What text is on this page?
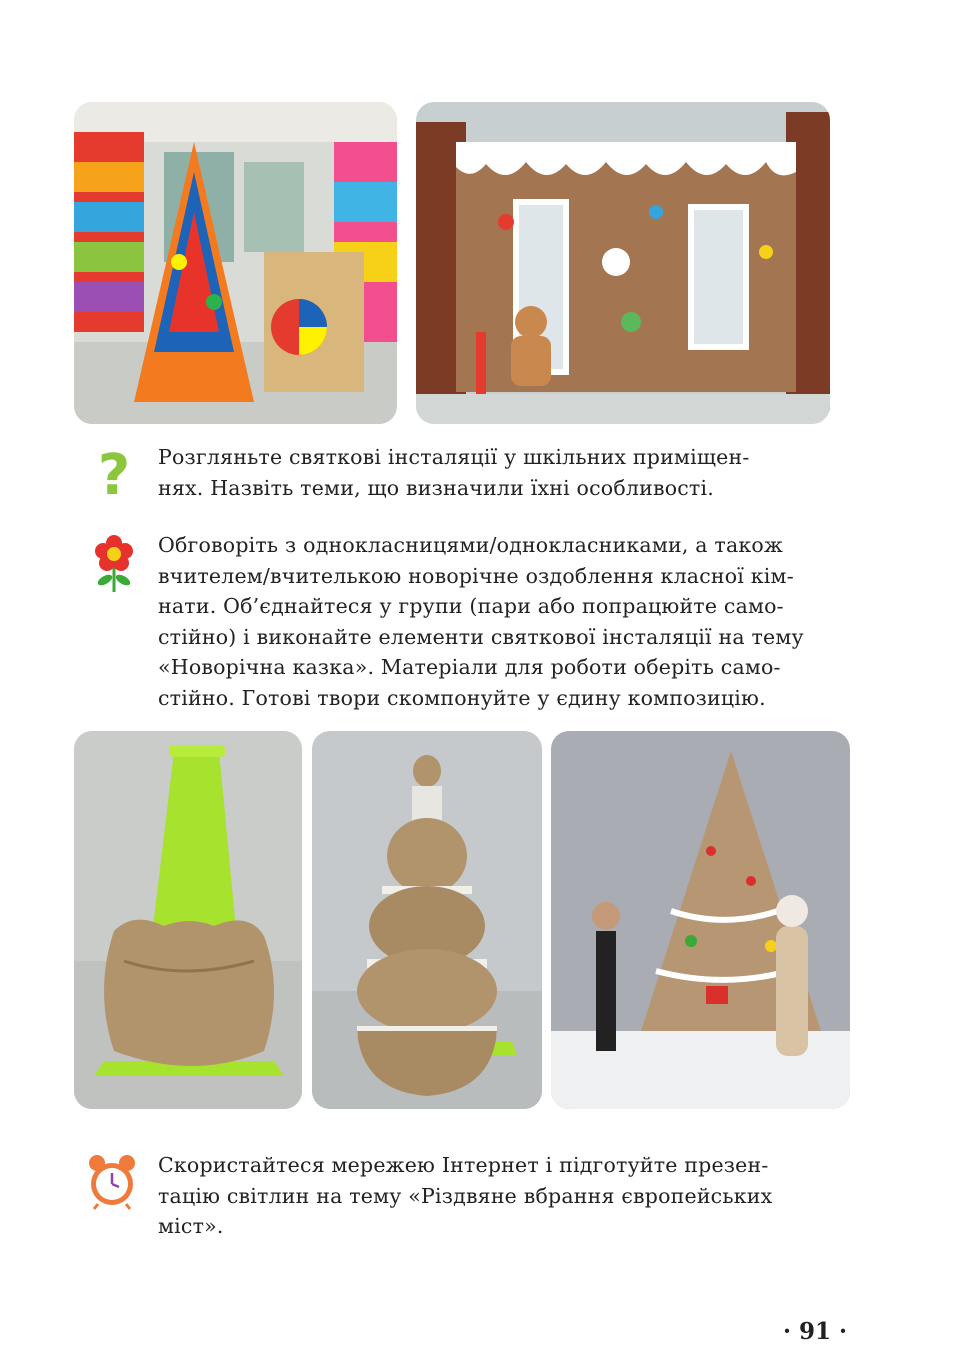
? Розгляньте святкові інсталяції у шкільних приміщен-
нях. Назвіть теми, що визначили їхні особливості.

Обговоріть з однокласницями/однокласниками, а також
вчителем/вчителькою новорічне оздоблення класної кім-
нати. Об’єднайтеся у групи (пари або попрацюйте само-
стійно) і виконайте елементи святкової інсталяції на тему
«Новорічна казка». Матеріали для роботи оберіть само-
стійно. Готові твори скомпонуйте у єдину композицію.

Скористайтеся мережею Інтернет і підготуйте презен-
тацію світлин на тему «Різдвяне вбрання європейських
міст».

· 91 ·
